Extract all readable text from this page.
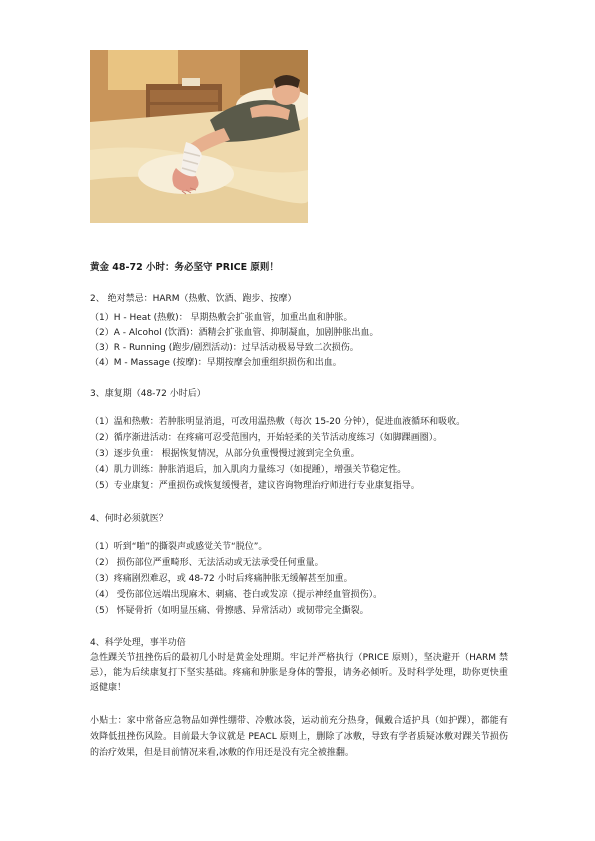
黄金 48-72 小时：务必坚守 PRICE 原则！
2、 绝对禁忌：HARM（热敷、饮酒、跑步、按摩）
（1）H - Heat (热敷)： 早期热敷会扩张血管，加重出血和肿胀。
（2）A - Alcohol (饮酒)：酒精会扩张血管、抑制凝血，加剧肿胀出血。
（3）R - Running (跑步/剧烈活动)：过早活动极易导致二次损伤。
（4）M - Massage (按摩)：早期按摩会加重组织损伤和出血。
3、康复期（48-72 小时后）
（1）温和热敷：若肿胀明显消退，可改用温热敷（每次 15-20 分钟），促进血液循环和吸收。
（2）循序渐进活动：在疼痛可忍受范围内，开始轻柔的关节活动度练习（如脚踝画圈）。
（3）逐步负重： 根据恢复情况，从部分负重慢慢过渡到完全负重。
（4）肌力训练：肿胀消退后，加入肌肉力量练习（如提踵），增强关节稳定性。
（5）专业康复：严重损伤或恢复缓慢者，建议咨询物理治疗师进行专业康复指导。
4、何时必须就医？
（1）听到“啪”的撕裂声或感觉关节“脱位”。
（2） 损伤部位严重畸形、无法活动或无法承受任何重量。
（3）疼痛剧烈难忍，或 48-72 小时后疼痛肿胀无缓解甚至加重。
（4） 受伤部位远端出现麻木、刺痛、苍白或发凉（提示神经血管损伤）。
（5） 怀疑骨折（如明显压痛、骨擦感、异常活动）或韧带完全撕裂。
4、科学处理，事半功倍
急性踝关节扭挫伤后的最初几小时是黄金处理期。牢记并严格执行（PRICE 原则），坚决避开（HARM 禁忌），能为后续康复打下坚实基础。疼痛和肿胀是身体的警报，请务必倾听。及时科学处理，助你更快重返健康！
小贴士：家中常备应急物品如弹性绷带、冷敷冰袋，运动前充分热身，佩戴合适护具（如护踝），都能有效降低扭挫伤风险。目前最大争议就是 PEACL 原则上，删除了冰敷，导致有学者质疑冰敷对踝关节损伤的治疗效果，但是目前情况来看,冰敷的作用还是没有完全被推翻。
